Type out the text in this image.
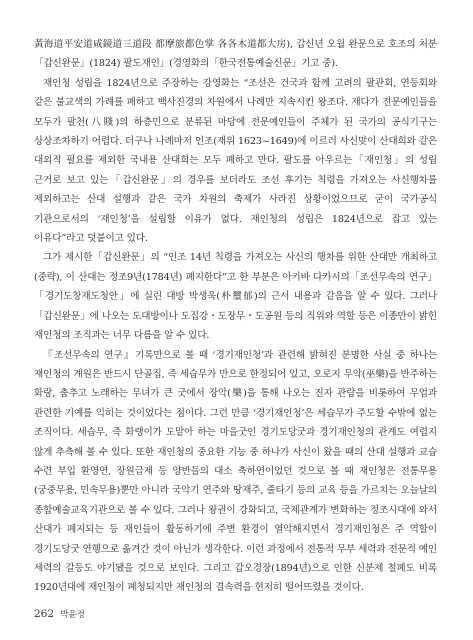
黃海道平安道咸鏡道三道段 都摩旅都色掌 各各木道都大房), 갑신년 오월 완문으로 호조의 처분「갑신완문」(1824) 팔도재인」(경영화의「한국전통예술신문」기고 중).

재인청 성립을 1824년으로 주장하는 강영화는 “조선은 건국과 함께 고려의 팔관회, 연등회와 같은 불교색의 가례를 폐하고 백사진경의 자원에서 나례만 지속시킨 왕조다. 재다가 전문예인들을 모두가 팔천(八賤)의 하층민으로 분류된 마당에 전문예인들이 주체가 된 국가의 공식기구는 상상조차하기 어렵다. 더구나 나례마저 인조(재위 1623~1649)에 이르러 사신맞이 산대희와 같은 대외적 필요를 제외한 국내용 산대희는 모두 폐하고 만다. 팔도를 아우르는「재인청」의 성립 근거로 보고 있는「갑신완문」의 경우를 보더라도 조선 후기는 칙령을 가져오는 사신행차를 제외하고는 산대 설행과 같은 국가 차원의 축제가 사라진 상황이었으므로 굳이 국가공식 기관으로서의 ‘재인청’을 설립할 이유가 없다. 재인청의 성립은 1824년으로 잡고 있는 이유다”라고 덧붙이고 있다.

그가 제시한「갑신완문」의 “인조 14년 칙령을 가져오는 사신의 행차를 위한 산대만 개최하고(중략), 이 산대는 정조9년(1784년) 폐지한다”고 한 부분은 아키바 다카시의「조선무속의 연구」「경기도창재도청안」에 실린 대방 박생욱(朴璽郁)의 근서 내용과 같음을 알 수 있다. 그러나「갑신완문」에 나오는 도대방이나 도집강・도장무・도공원 등의 직위와 역할 등은 이종만이 밝힌 재인청의 조직과는 너무 다름을 알 수 있다.

『조선무속의 연구』기록만으로 볼 때 ‘경기재인청’과 관련해 밝혀진 분명한 사실 중 하나는 재인청의 계원은 반드시 단골집, 즉 세습무가 만으로 한정되어 있고, 오로지 무악(巫樂)을 반주하는 화랑, 춤추고 노래하는 무녀가 큰 굿에서 장악(樂)을 통해 나오는 진자 관람을 비롯하여 무업과 관련한 기예를 익히는 것이었다는 점이다. 그런 만큼 ‘경기재인청’은 세습무가 주도할 수밖에 없는 조직이다. 세습무, 즉 화랭이가 도맡아 하는 마을굿인 경기도당굿과 경기재인청의 관계도 여렵지 않게 추측해 볼 수 있다. 또한 재인청의 중요한 기능 중 하나가 사신이 왔을 때의 산대 설행과 교습 수련 부입 환영연, 장원급제 등 양반들의 대소 축하연이었던 것으로 볼 때 재인청은 전통무용(궁중무용, 민속무용)뿐만 아니라 국악기 연주와 땅재주, 줄타기 등의 교육 등을 가르치는 오늘날의 종합예술교육기관으로 볼 수 있다. 그러나 왕권이 강화되고, 국제관계가 변화하는 정조시대에 와서 산대가 폐지되는 등 재인들이 활동하기에 주변 환경이 열악해지면서 경기재인청은 주 역할이 경기도당굿 연행으로 옮겨간 것이 아닌가 생각한다. 이런 과정에서 전통적 무부 세력과 전문적 예인 세력의 갈등도 야기됐을 것으로 보인다. 그리고 갑오경장(1894년)으로 인한 신분제 철폐도 비록 1920년대에 재인청이 폐청되지만 재인청의 결속력을 현저히 떨어뜨렸을 것이다.

262 박윤정
